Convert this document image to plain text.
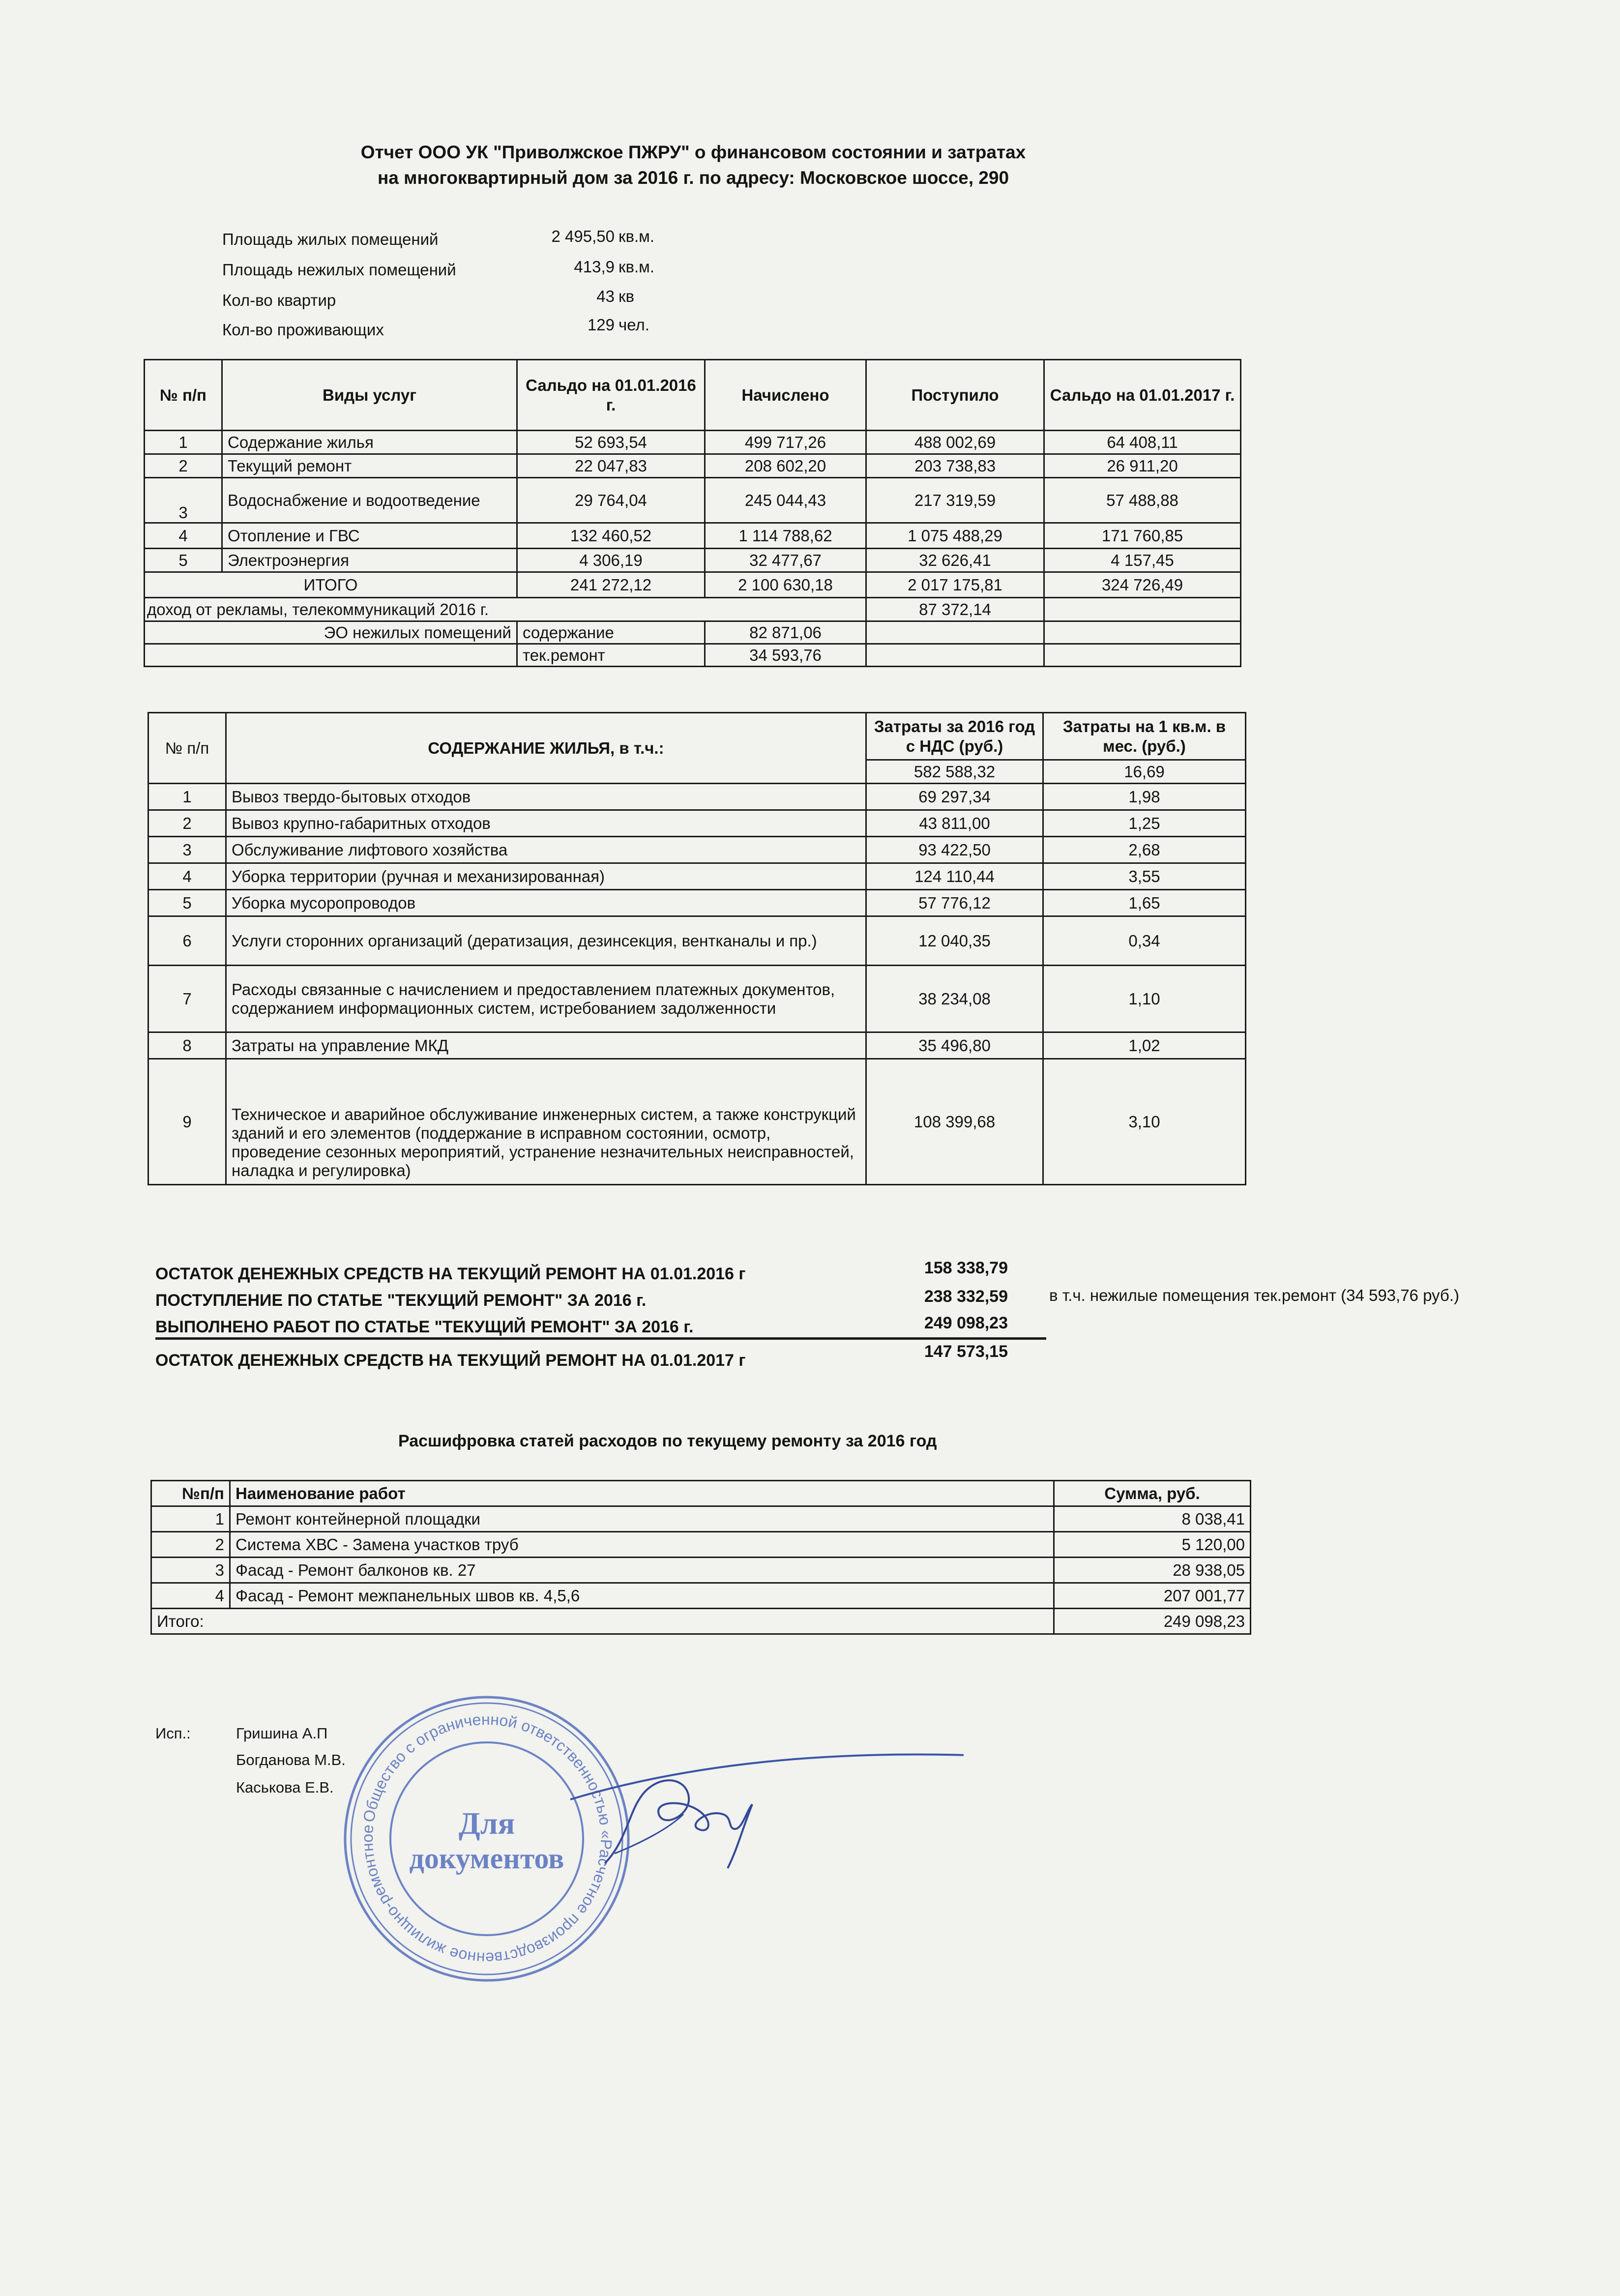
Отчет ООО УК "Приволжское ПЖРУ" о финансовом состоянии и затратах
на многоквартирный дом за 2016 г. по адресу: Московское шоссе, 290
Площадь жилых помещений	2 495,50 кв.м.
Площадь нежилых помещений	413,9 кв.м.
Кол-во квартир	43 кв
Кол-во проживающих	129 чел.
№ п/п	Виды услуг	Сальдо на 01.01.2016 г.	Начислено	Поступило	Сальдо на 01.01.2017 г.
1	Содержание жилья	52 693,54	499 717,26	488 002,69	64 408,11
2	Текущий ремонт	22 047,83	208 602,20	203 738,83	26 911,20
3	Водоснабжение и водоотведение	29 764,04	245 044,43	217 319,59	57 488,88
4	Отопление и ГВС	132 460,52	1 114 788,62	1 075 488,29	171 760,85
5	Электроэнергия	4 306,19	32 477,67	32 626,41	4 157,45
ИТОГО		241 272,12	2 100 630,18	2 017 175,81	324 726,49
доход от рекламы, телекоммуникаций 2016 г.				87 372,14	
ЭО нежилых помещений		содержание	82 871,06		
		тек.ремонт	34 593,76		
№ п/п	СОДЕРЖАНИЕ ЖИЛЬЯ, в т.ч.:	Затраты за 2016 год с НДС (руб.)	Затраты на 1 кв.м. в мес. (руб.)
		582 588,32	16,69
1	Вывоз твердо-бытовых отходов	69 297,34	1,98
2	Вывоз крупно-габаритных отходов	43 811,00	1,25
3	Обслуживание лифтового хозяйства	93 422,50	2,68
4	Уборка территории (ручная и механизированная)	124 110,44	3,55
5	Уборка мусоропроводов	57 776,12	1,65
6	Услуги сторонних организаций (дератизация, дезинсекция, вентканалы и пр.)	12 040,35	0,34
7	Расходы связанные с начислением и предоставлением платежных документов, содержанием информационных систем, истребованием задолженности	38 234,08	1,10
8	Затраты на управление МКД	35 496,80	1,02
9	Техническое и аварийное обслуживание инженерных систем, а также конструкций зданий и его элементов (поддержание в исправном состоянии, осмотр, проведение сезонных мероприятий, устранение незначительных неисправностей, наладка и регулировка)	108 399,68	3,10
ОСТАТОК ДЕНЕЖНЫХ СРЕДСТВ НА ТЕКУЩИЙ РЕМОНТ НА 01.01.2016 г	158 338,79
ПОСТУПЛЕНИЕ ПО СТАТЬЕ "ТЕКУЩИЙ РЕМОНТ" ЗА 2016 г.	238 332,59
ВЫПОЛНЕНО РАБОТ ПО СТАТЬЕ "ТЕКУЩИЙ РЕМОНТ" ЗА 2016 г.	249 098,23
ОСТАТОК ДЕНЕЖНЫХ СРЕДСТВ НА ТЕКУЩИЙ РЕМОНТ НА 01.01.2017 г	147 573,15
в т.ч. нежилые помещения тек.ремонт (34 593,76 руб.)
Расшифровка статей расходов по текущему ремонту за 2016 год
№п/п	Наименование работ	Сумма, руб.
1	Ремонт контейнерной площадки	8 038,41
2	Система ХВС - Замена участков труб	5 120,00
3	Фасад - Ремонт балконов кв. 27	28 938,05
4	Фасад - Ремонт межпанельных швов кв. 4,5,6	207 001,77
Итого:		249 098,23
Исп.:	Гришина А.П
Богданова М.В.
Каськова Е.В.
Общество с ограниченной ответственностью «Расчетное производственное жилищно-ремонтное	Для
документов
